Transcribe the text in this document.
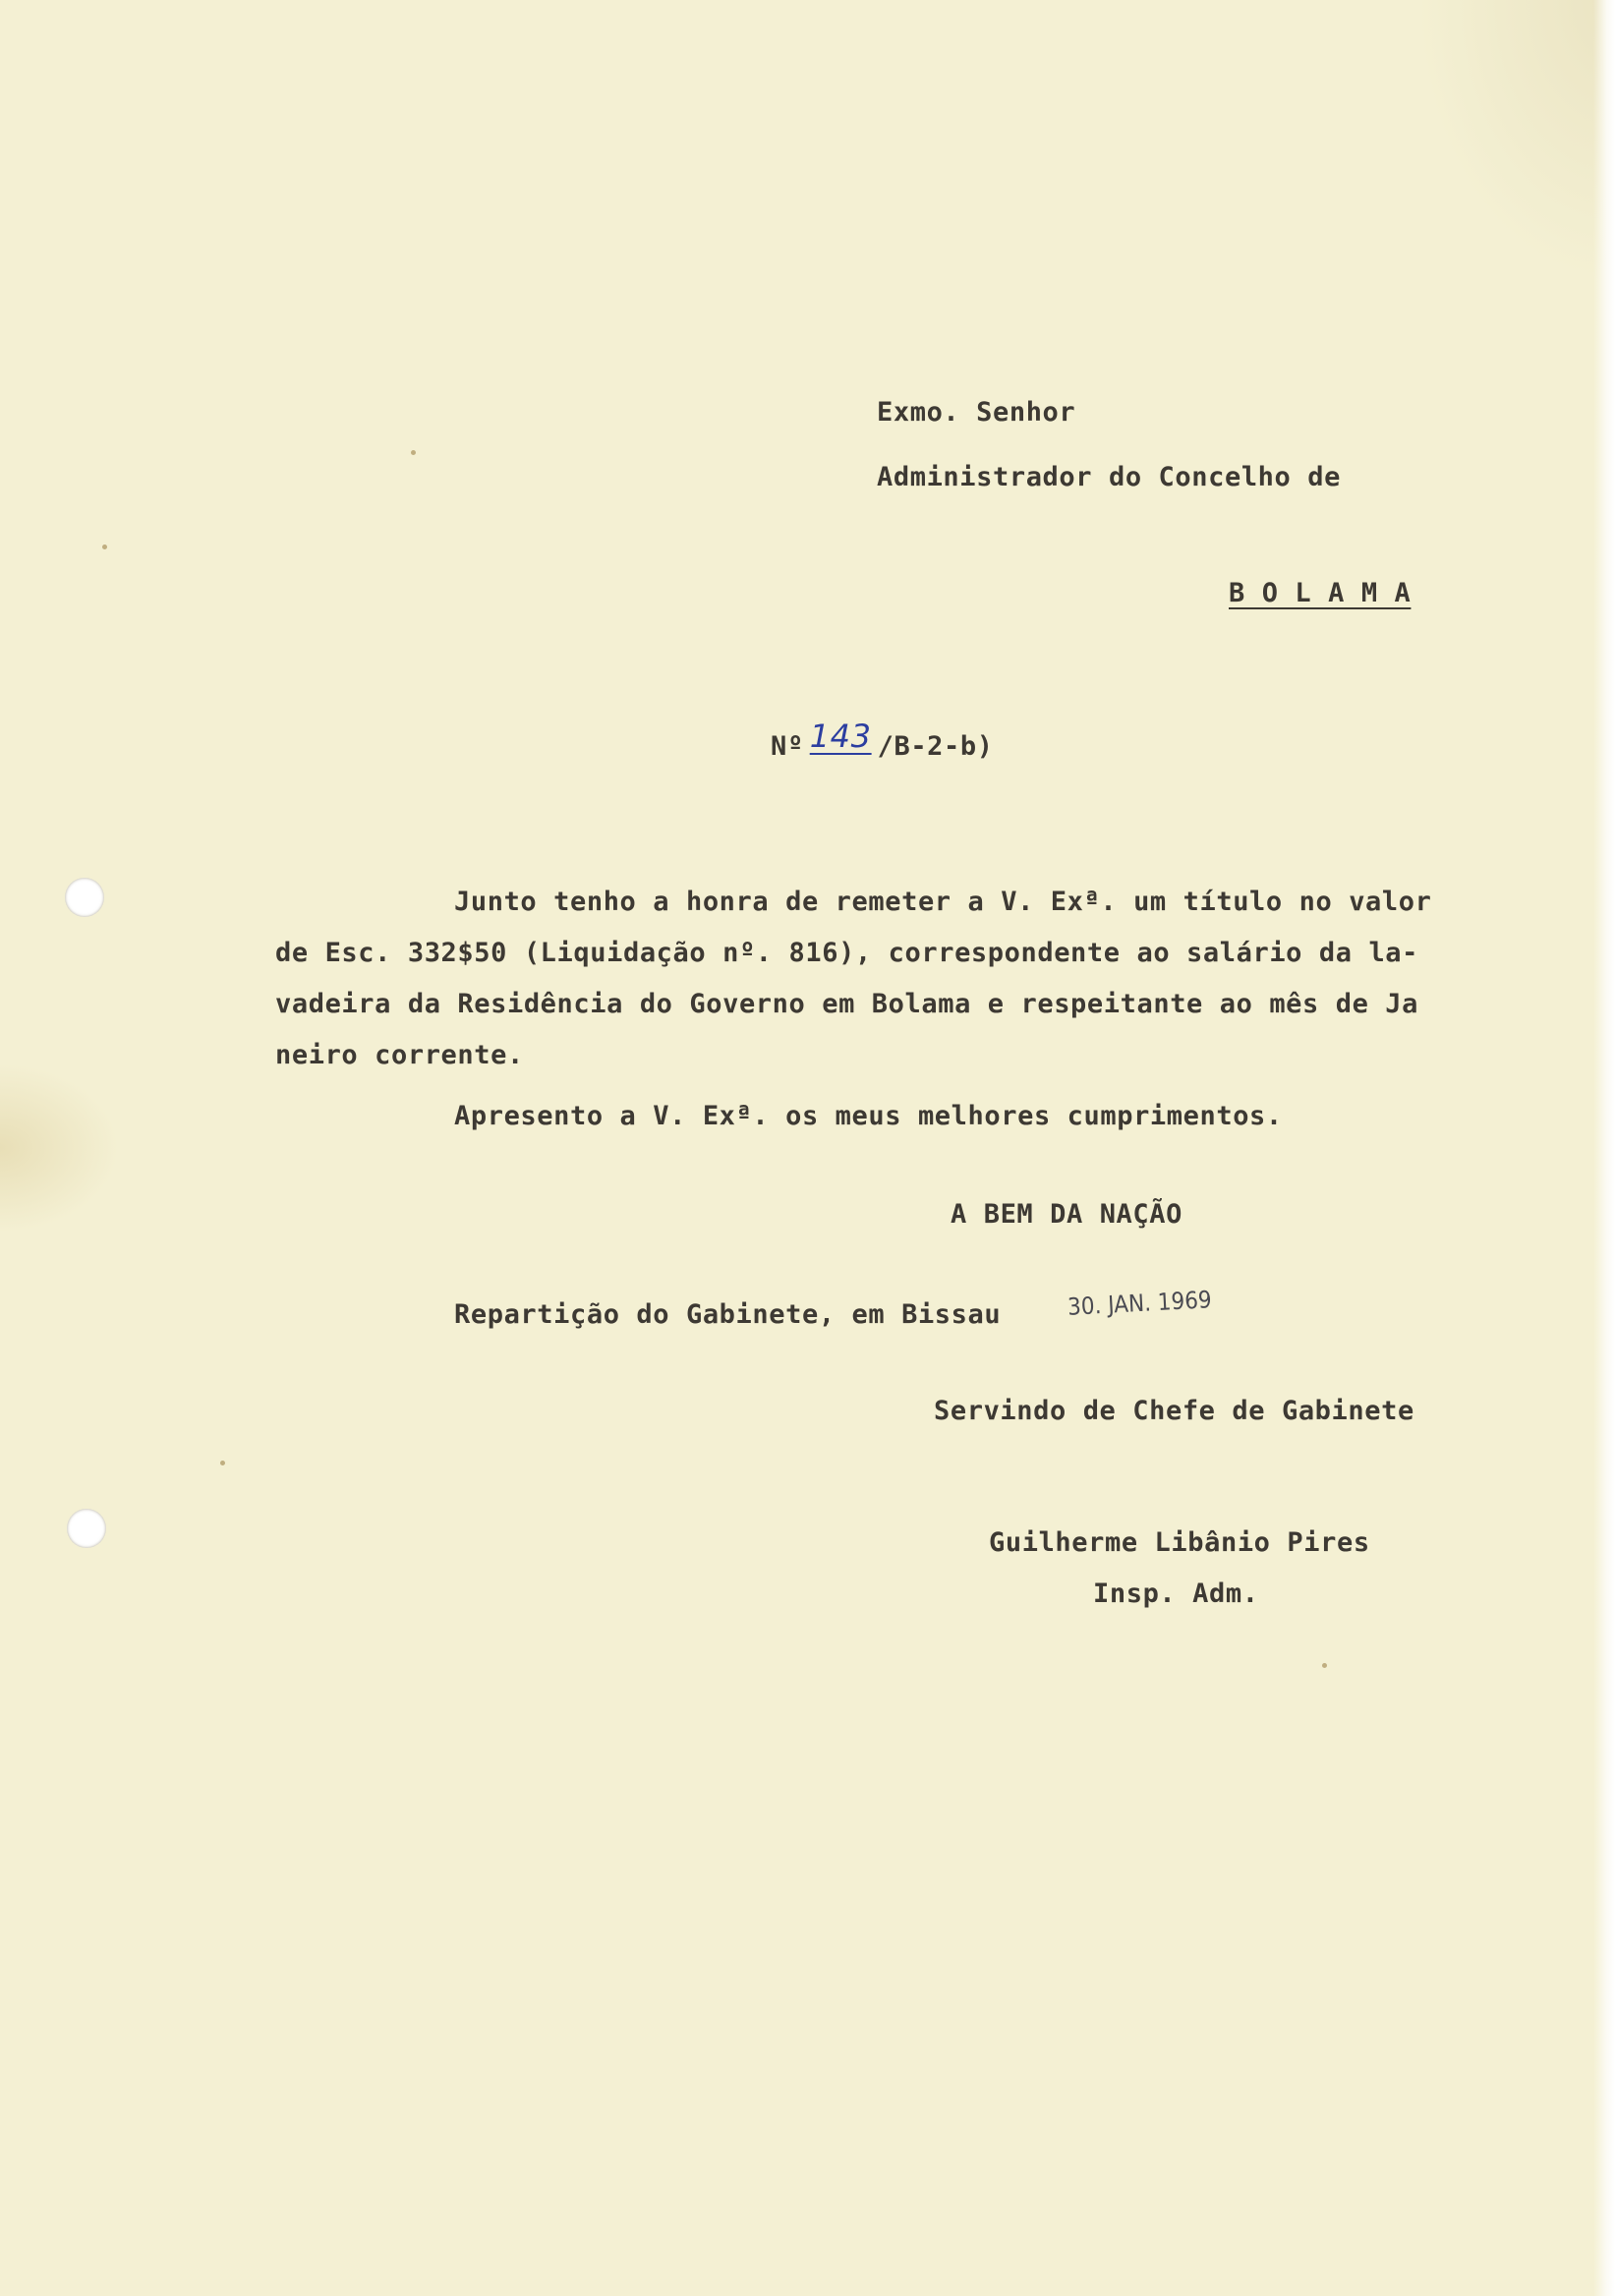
Exmo. Senhor

Administrador do Concelho de

B O L A M A

Nº 143 /B-2-b)

Junto tenho a honra de remeter a V. Exª. um título no valor

de Esc. 332$50 (Liquidação nº. 816), correspondente ao salário da la-

vadeira da Residência do Governo em Bolama e respeitante ao mês de Ja

neiro corrente.

Apresento a V. Exª. os meus melhores cumprimentos.

A BEM DA NAÇÃO

Repartição do Gabinete, em Bissau	30. JAN. 1969

Servindo de Chefe de Gabinete

Guilherme Libânio Pires

Insp. Adm.
